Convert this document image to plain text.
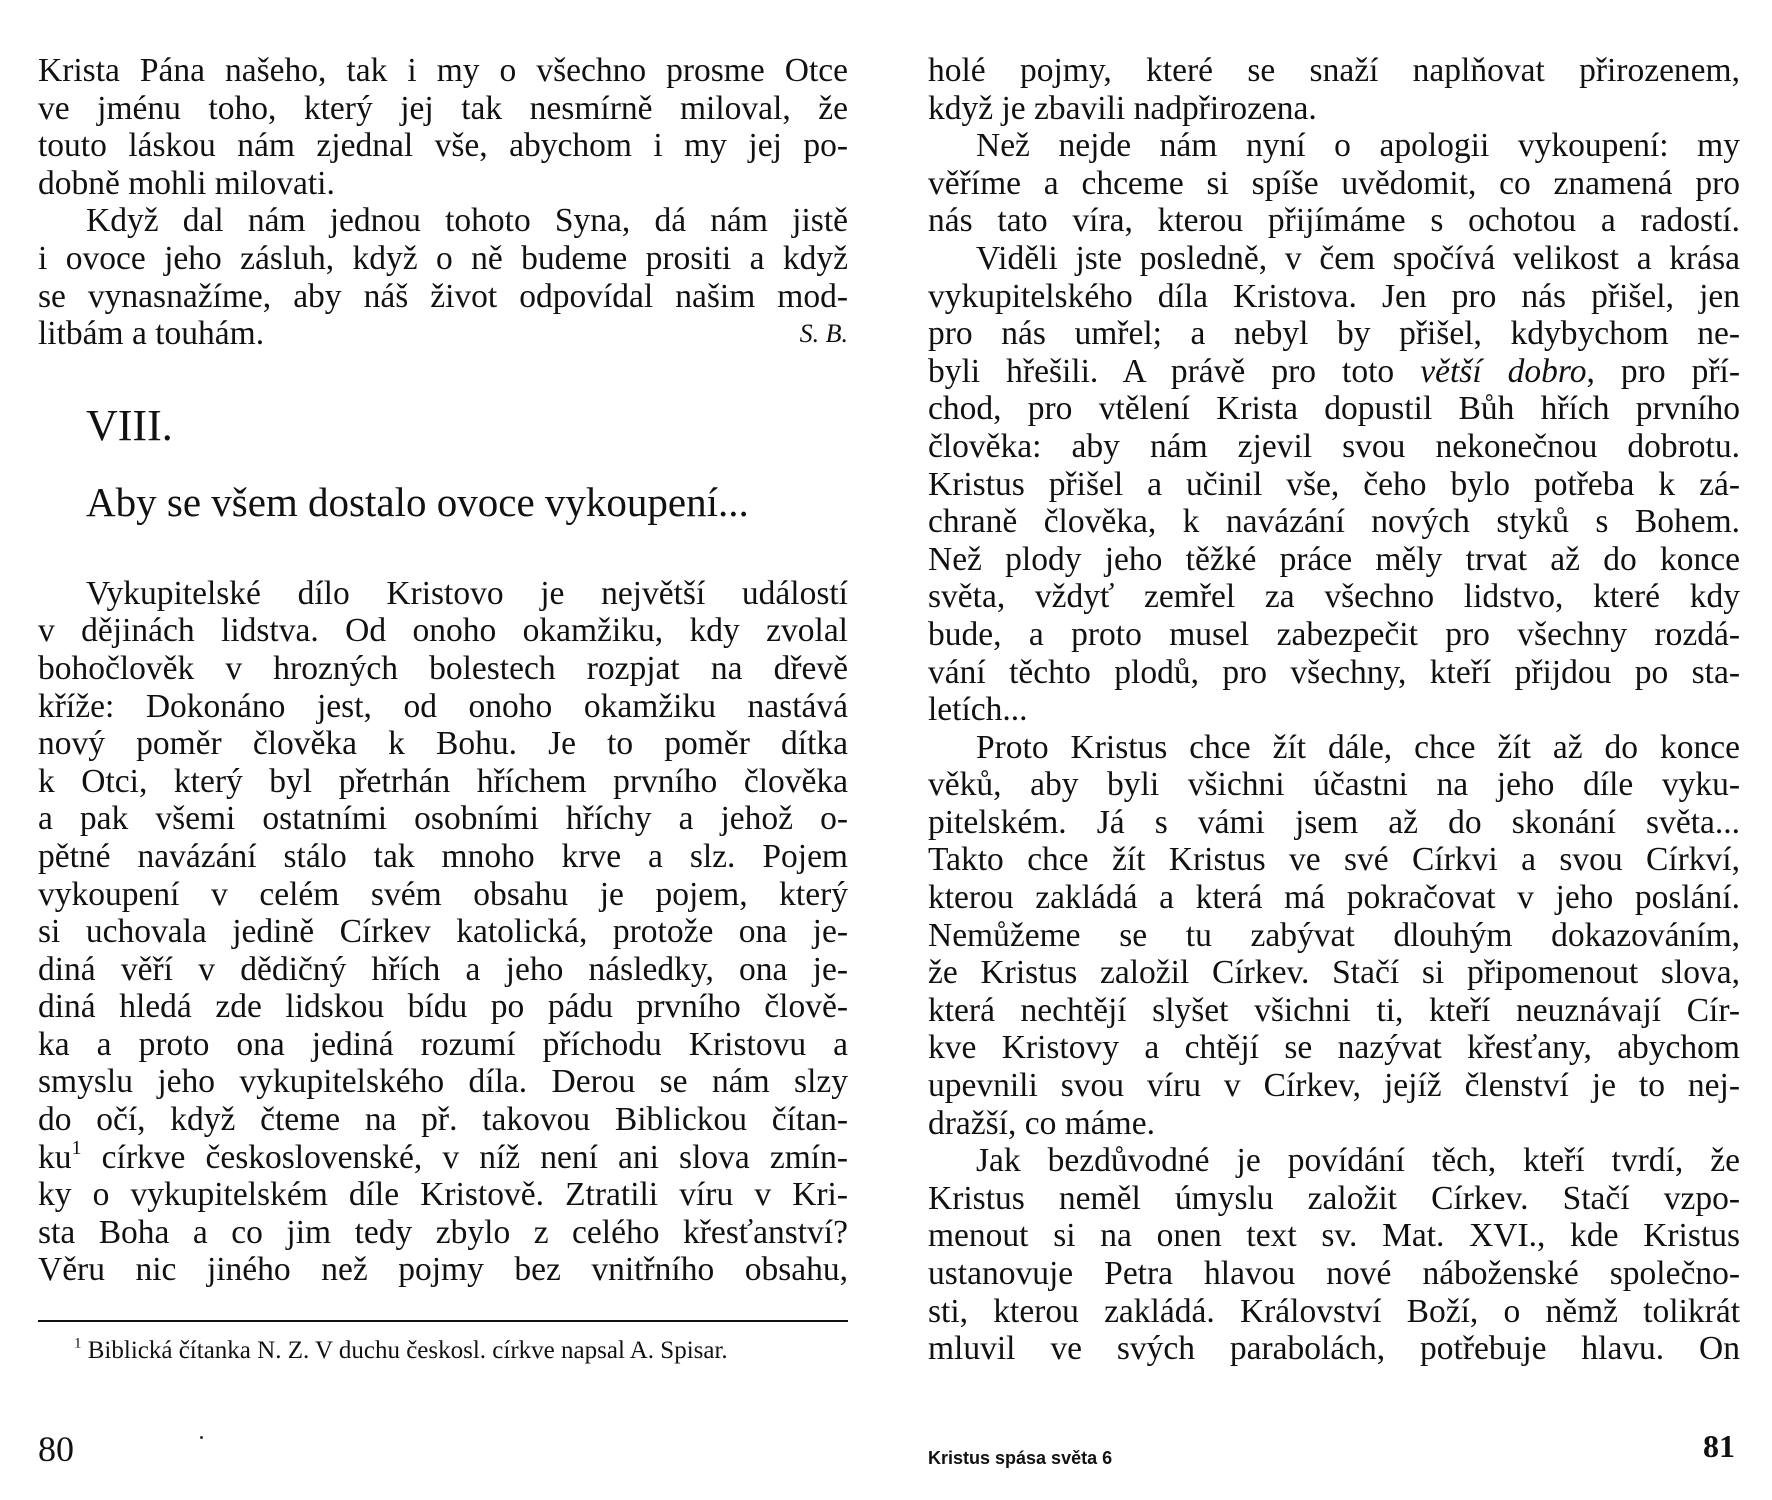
Krista Pána našeho, tak i my o všechno prosme Otce
ve jménu toho, který jej tak nesmírně miloval, že
touto láskou nám zjednal vše, abychom i my jej po-
dobně mohli milovati.
Když dal nám jednou tohoto Syna, dá nám jistě
i ovoce jeho zásluh, když o ně budeme prositi a když
se vynasnažíme, aby náš život odpovídal našim mod-
litbám a touhám.	S. B.
VIII.
Aby se všem dostalo ovoce vykoupení...
Vykupitelské dílo Kristovo je největší událostí
v dějinách lidstva. Od onoho okamžiku, kdy zvolal
bohočlověk v hrozných bolestech rozpjat na dřevě
kříže: Dokonáno jest, od onoho okamžiku nastává
nový poměr člověka k Bohu. Je to poměr dítka
k Otci, který byl přetrhán hříchem prvního člověka
a pak všemi ostatními osobními hříchy a jehož o-
pětné navázání stálo tak mnoho krve a slz. Pojem
vykoupení v celém svém obsahu je pojem, který
si uchovala jedině Církev katolická, protože ona je-
diná věří v dědičný hřích a jeho následky, ona je-
diná hledá zde lidskou bídu po pádu prvního člově-
ka a proto ona jediná rozumí příchodu Kristovu a
smyslu jeho vykupitelského díla. Derou se nám slzy
do očí, když čteme na př. takovou Biblickou čítan-
$ku^1$ církve československé, v níž není ani slova zmín-
ky o vykupitelském díle Kristově. Ztratili víru v Kri-
sta Boha a co jim tedy zbylo z celého křesťanství?
Věru nic jiného než pojmy bez vnitřního obsahu,
$^1$ Biblická čítanka N. Z. V duchu českosl. církve napsal A. Spisar.
80
holé pojmy, které se snaží naplňovat přirozenem,
když je zbavili nadpřirozena.
Než nejde nám nyní o apologii vykoupení: my
věříme a chceme si spíše uvědomit, co znamená pro
nás tato víra, kterou přijímáme s ochotou a radostí.
Viděli jste posledně, v čem spočívá velikost a krása
vykupitelského díla Kristova. Jen pro nás přišel, jen
pro nás umřel; a nebyl by přišel, kdybychom ne-
byli hřešili. A právě pro toto větší dobro, pro pří-
chod, pro vtělení Krista dopustil Bůh hřích prvního
člověka: aby nám zjevil svou nekonečnou dobrotu.
Kristus přišel a učinil vše, čeho bylo potřeba k zá-
chraně člověka, k navázání nových styků s Bohem.
Než plody jeho těžké práce měly trvat až do konce
světa, vždyť zemřel za všechno lidstvo, které kdy
bude, a proto musel zabezpečit pro všechny rozdá-
vání těchto plodů, pro všechny, kteří přijdou po sta-
letích...
Proto Kristus chce žít dále, chce žít až do konce
věků, aby byli všichni účastni na jeho díle vyku-
pitelském. Já s vámi jsem až do skonání světa...
Takto chce žít Kristus ve své Církvi a svou Církví,
kterou zakládá a která má pokračovat v jeho poslání.
Nemůžeme se tu zabývat dlouhým dokazováním,
že Kristus založil Církev. Stačí si připomenout slova,
která nechtějí slyšet všichni ti, kteří neuznávají Cír-
kve Kristovy a chtějí se nazývat křesťany, abychom
upevnili svou víru v Církev, jejíž členství je to nej-
dražší, co máme.
Jak bezdůvodné je povídání těch, kteří tvrdí, že
Kristus neměl úmyslu založit Církev. Stačí vzpo-
menout si na onen text sv. Mat. XVI., kde Kristus
ustanovuje Petra hlavou nové náboženské společno-
sti, kterou zakládá. Království Boží, o němž tolikrát
mluvil ve svých parabolách, potřebuje hlavu. On
Kristus spása světa 6	81
